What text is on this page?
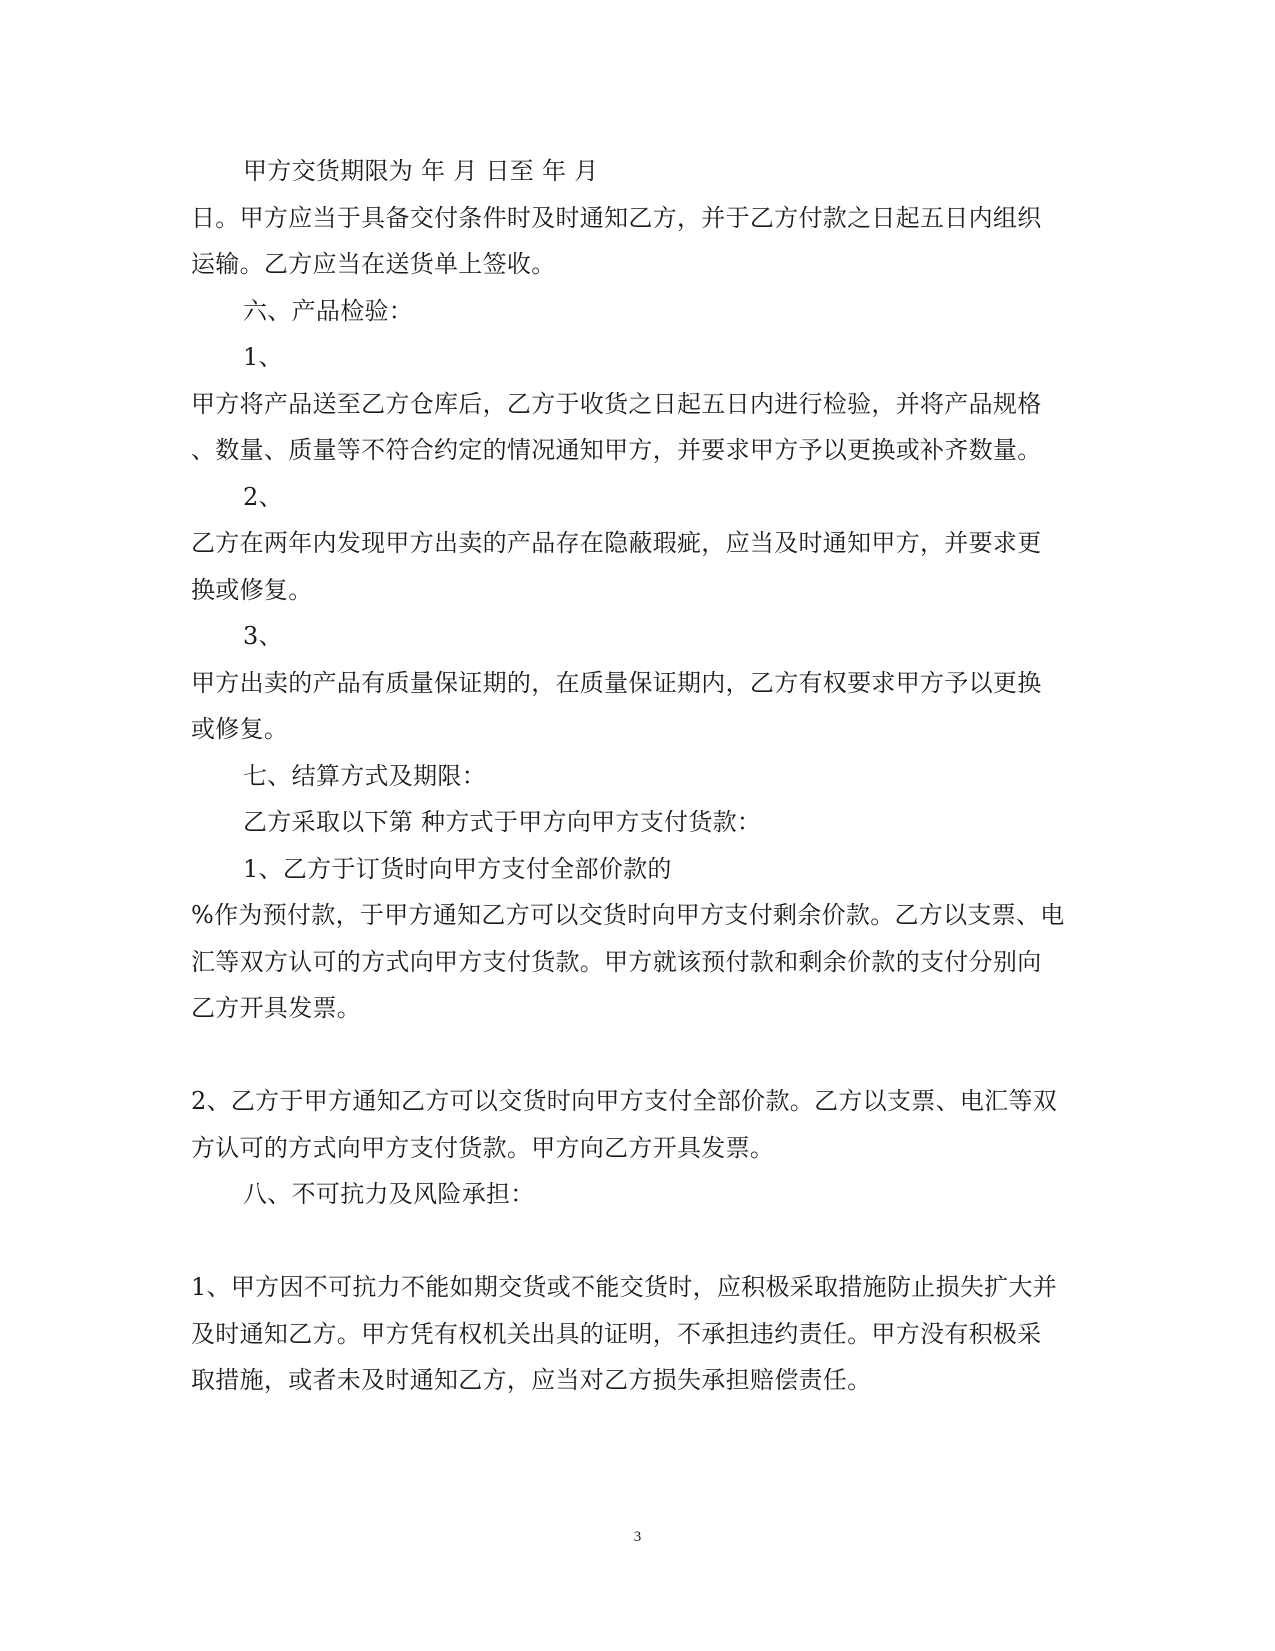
甲方交货期限为 年 月 日至 年 月
日。甲方应当于具备交付条件时及时通知乙方，并于乙方付款之日起五日内组织
运输。乙方应当在送货单上签收。
六、产品检验：
1、
甲方将产品送至乙方仓库后，乙方于收货之日起五日内进行检验，并将产品规格
、数量、质量等不符合约定的情况通知甲方，并要求甲方予以更换或补齐数量。
2、
乙方在两年内发现甲方出卖的产品存在隐蔽瑕疵，应当及时通知甲方，并要求更
换或修复。
3、
甲方出卖的产品有质量保证期的，在质量保证期内，乙方有权要求甲方予以更换
或修复。
七、结算方式及期限：
乙方采取以下第 种方式于甲方向甲方支付货款：
1、乙方于订货时向甲方支付全部价款的
%作为预付款，于甲方通知乙方可以交货时向甲方支付剩余价款。乙方以支票、电
汇等双方认可的方式向甲方支付货款。甲方就该预付款和剩余价款的支付分别向
乙方开具发票。
2、乙方于甲方通知乙方可以交货时向甲方支付全部价款。乙方以支票、电汇等双
方认可的方式向甲方支付货款。甲方向乙方开具发票。
八、不可抗力及风险承担：
1、甲方因不可抗力不能如期交货或不能交货时，应积极采取措施防止损失扩大并
及时通知乙方。甲方凭有权机关出具的证明，不承担违约责任。甲方没有积极采
取措施，或者未及时通知乙方，应当对乙方损失承担赔偿责任。
3
